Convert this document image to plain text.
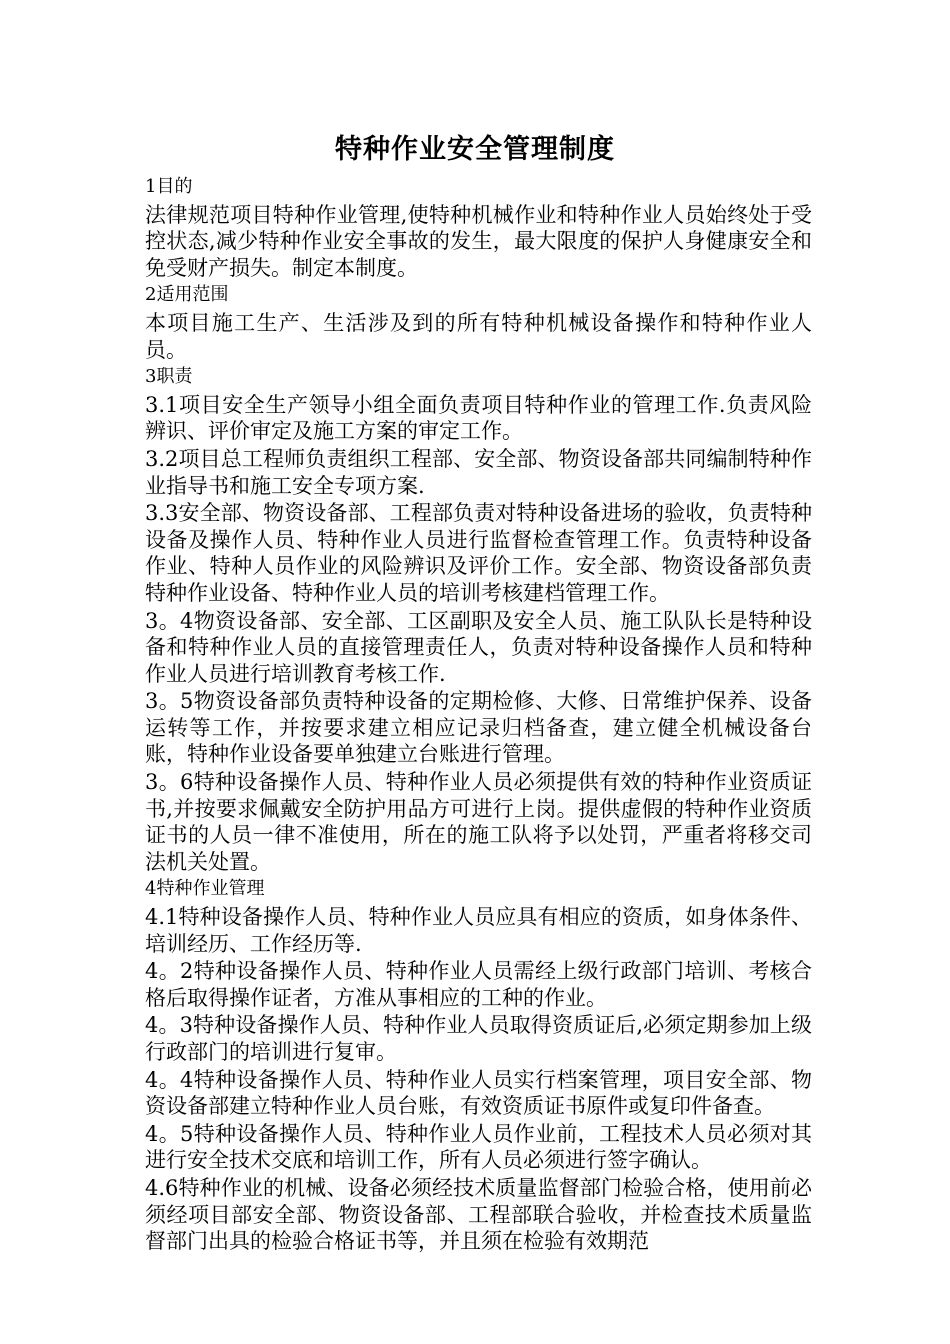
特种作业安全管理制度

1目的

法律规范项目特种作业管理,使特种机械作业和特种作业人员始终处于受控状态,减少特种作业安全事故的发生，最大限度的保护人身健康安全和免受财产损失。制定本制度。

2适用范围

本项目施工生产、生活涉及到的所有特种机械设备操作和特种作业人员。

3职责

3.1项目安全生产领导小组全面负责项目特种作业的管理工作.负责风险辨识、评价审定及施工方案的审定工作。

3.2项目总工程师负责组织工程部、安全部、物资设备部共同编制特种作业指导书和施工安全专项方案.

3.3安全部、物资设备部、工程部负责对特种设备进场的验收，负责特种设备及操作人员、特种作业人员进行监督检查管理工作。负责特种设备作业、特种人员作业的风险辨识及评价工作。安全部、物资设备部负责特种作业设备、特种作业人员的培训考核建档管理工作。

3。4物资设备部、安全部、工区副职及安全人员、施工队队长是特种设备和特种作业人员的直接管理责任人，负责对特种设备操作人员和特种作业人员进行培训教育考核工作.

3。5物资设备部负责特种设备的定期检修、大修、日常维护保养、设备运转等工作，并按要求建立相应记录归档备查，建立健全机械设备台账，特种作业设备要单独建立台账进行管理。

3。6特种设备操作人员、特种作业人员必须提供有效的特种作业资质证书,并按要求佩戴安全防护用品方可进行上岗。提供虚假的特种作业资质证书的人员一律不准使用，所在的施工队将予以处罚，严重者将移交司法机关处置。

4特种作业管理

4.1特种设备操作人员、特种作业人员应具有相应的资质，如身体条件、培训经历、工作经历等.

4。2特种设备操作人员、特种作业人员需经上级行政部门培训、考核合格后取得操作证者，方准从事相应的工种的作业。

4。3特种设备操作人员、特种作业人员取得资质证后,必须定期参加上级行政部门的培训进行复审。

4。4特种设备操作人员、特种作业人员实行档案管理，项目安全部、物资设备部建立特种作业人员台账，有效资质证书原件或复印件备查。

4。5特种设备操作人员、特种作业人员作业前，工程技术人员必须对其进行安全技术交底和培训工作，所有人员必须进行签字确认。

4.6特种作业的机械、设备必须经技术质量监督部门检验合格，使用前必须经项目部安全部、物资设备部、工程部联合验收，并检查技术质量监督部门出具的检验合格证书等，并且须在检验有效期范
